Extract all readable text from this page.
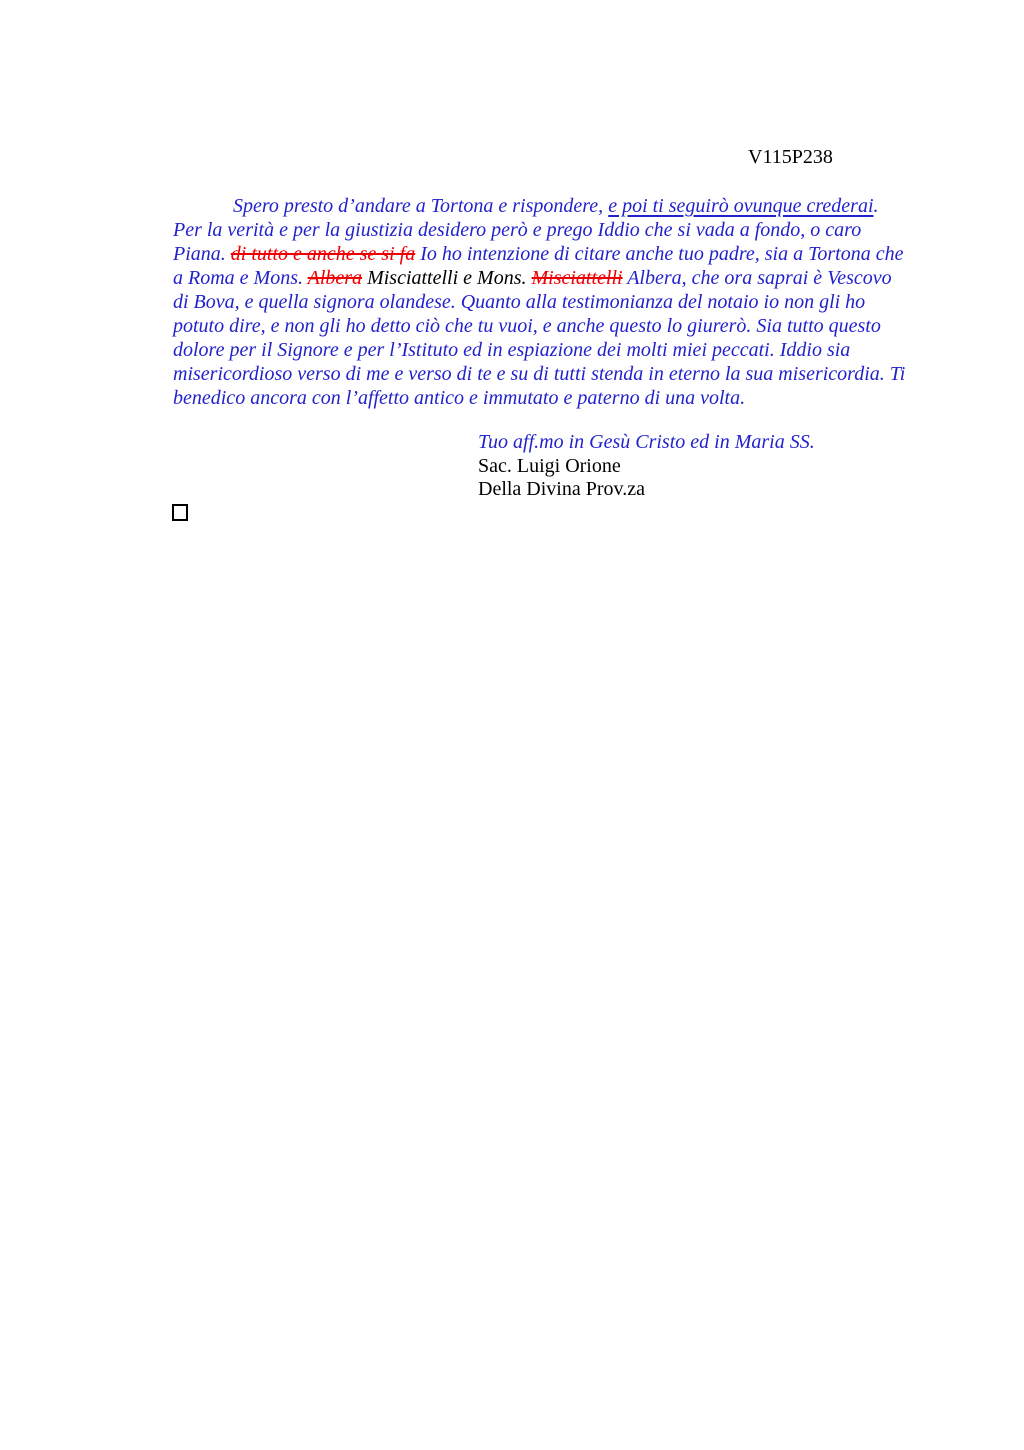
V115P238
Spero presto d’andare a Tortona e rispondere, e poi ti seguirò ovunque crederai. Per la verità e per la giustizia desidero però e prego Iddio che si vada a fondo, o caro Piana. di tutto e anche se si fa Io ho intenzione di citare anche tuo padre, sia a Tortona che a Roma e Mons. Albera Misciattelli e Mons. Misciattelli Albera, che ora saprai è Vescovo di Bova, e quella signora olandese. Quanto alla testimonianza del notaio io non gli ho potuto dire, e non gli ho detto ciò che tu vuoi, e anche questo lo giurerò. Sia tutto questo dolore per il Signore e per l’Istituto ed in espiazione dei molti miei peccati. Iddio sia misericordioso verso di me e verso di te e su di tutti stenda in eterno la sua misericordia. Ti benedico ancora con l’affetto antico e immutato e paterno di una volta.
Tuo aff.mo in Gesù Cristo ed in Maria SS.
Sac. Luigi Orione
Della Divina Prov.za
